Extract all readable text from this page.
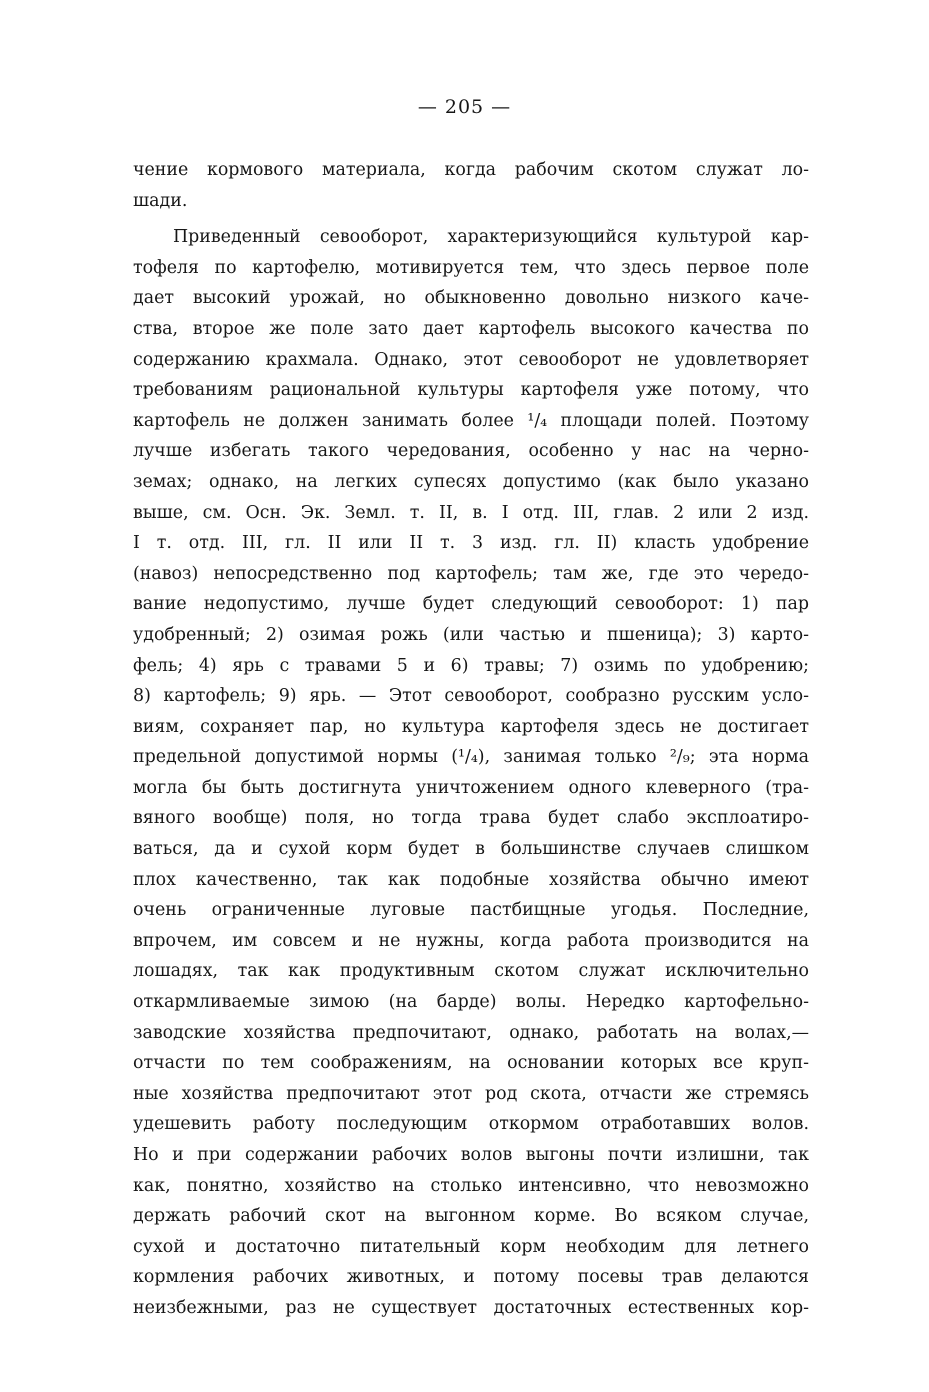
— 205 —
чение кормового материала, когда рабочим скотом служат ло-
шади.
Приведенный севооборот, характеризующийся культурой кар-
тофеля по картофелю, мотивируется тем, что здесь первое поле
дает высокий урожай, но обыкновенно довольно низкого каче-
ства, второе же поле зато дает картофель высокого качества по
содержанию крахмала. Однако, этот севооборот не удовлетворяет
требованиям рациональной культуры картофеля уже потому, что
картофель не должен занимать более ¹/₄ площади полей. Поэтому
лучше избегать такого чередования, особенно у нас на черно-
земах; однако, на легких супесях допустимо (как было указано
выше, см. Осн. Эк. Земл. т. II, в. I отд. III, глав. 2 или 2 изд.
I т. отд. III, гл. II или II т. 3 изд. гл. II) класть удобрение
(навоз) непосредственно под картофель; там же, где это чередо-
вание недопустимо, лучше будет следующий севооборот: 1) пар
удобренный; 2) озимая рожь (или частью и пшеница); 3) карто-
фель; 4) ярь с травами 5 и 6) травы; 7) озимь по удобрению;
8) картофель; 9) ярь. — Этот севооборот, сообразно русским усло-
виям, сохраняет пар, но культура картофеля здесь не достигает
предельной допустимой нормы (¹/₄), занимая только ²/₉; эта норма
могла бы быть достигнута уничтожением одного клеверного (тра-
вяного вообще) поля, но тогда трава будет слабо эксплоатиро-
ваться, да и сухой корм будет в большинстве случаев слишком
плох качественно, так как подобные хозяйства обычно имеют
очень ограниченные луговые пастбищные угодья. Последние,
впрочем, им совсем и не нужны, когда работа производится на
лошадях, так как продуктивным скотом служат исключительно
откармливаемые зимою (на барде) волы. Нередко картофельно-
заводские хозяйства предпочитают, однако, работать на волах,—
отчасти по тем соображениям, на основании которых все круп-
ные хозяйства предпочитают этот род скота, отчасти же стремясь
удешевить работу последующим откормом отработавших волов.
Но и при содержании рабочих волов выгоны почти излишни, так
как, понятно, хозяйство на столько интенсивно, что невозможно
держать рабочий скот на выгонном корме. Во всяком случае,
сухой и достаточно питательный корм необходим для летнего
кормления рабочих животных, и потому посевы трав делаются
неизбежными, раз не существует достаточных естественных кор-
